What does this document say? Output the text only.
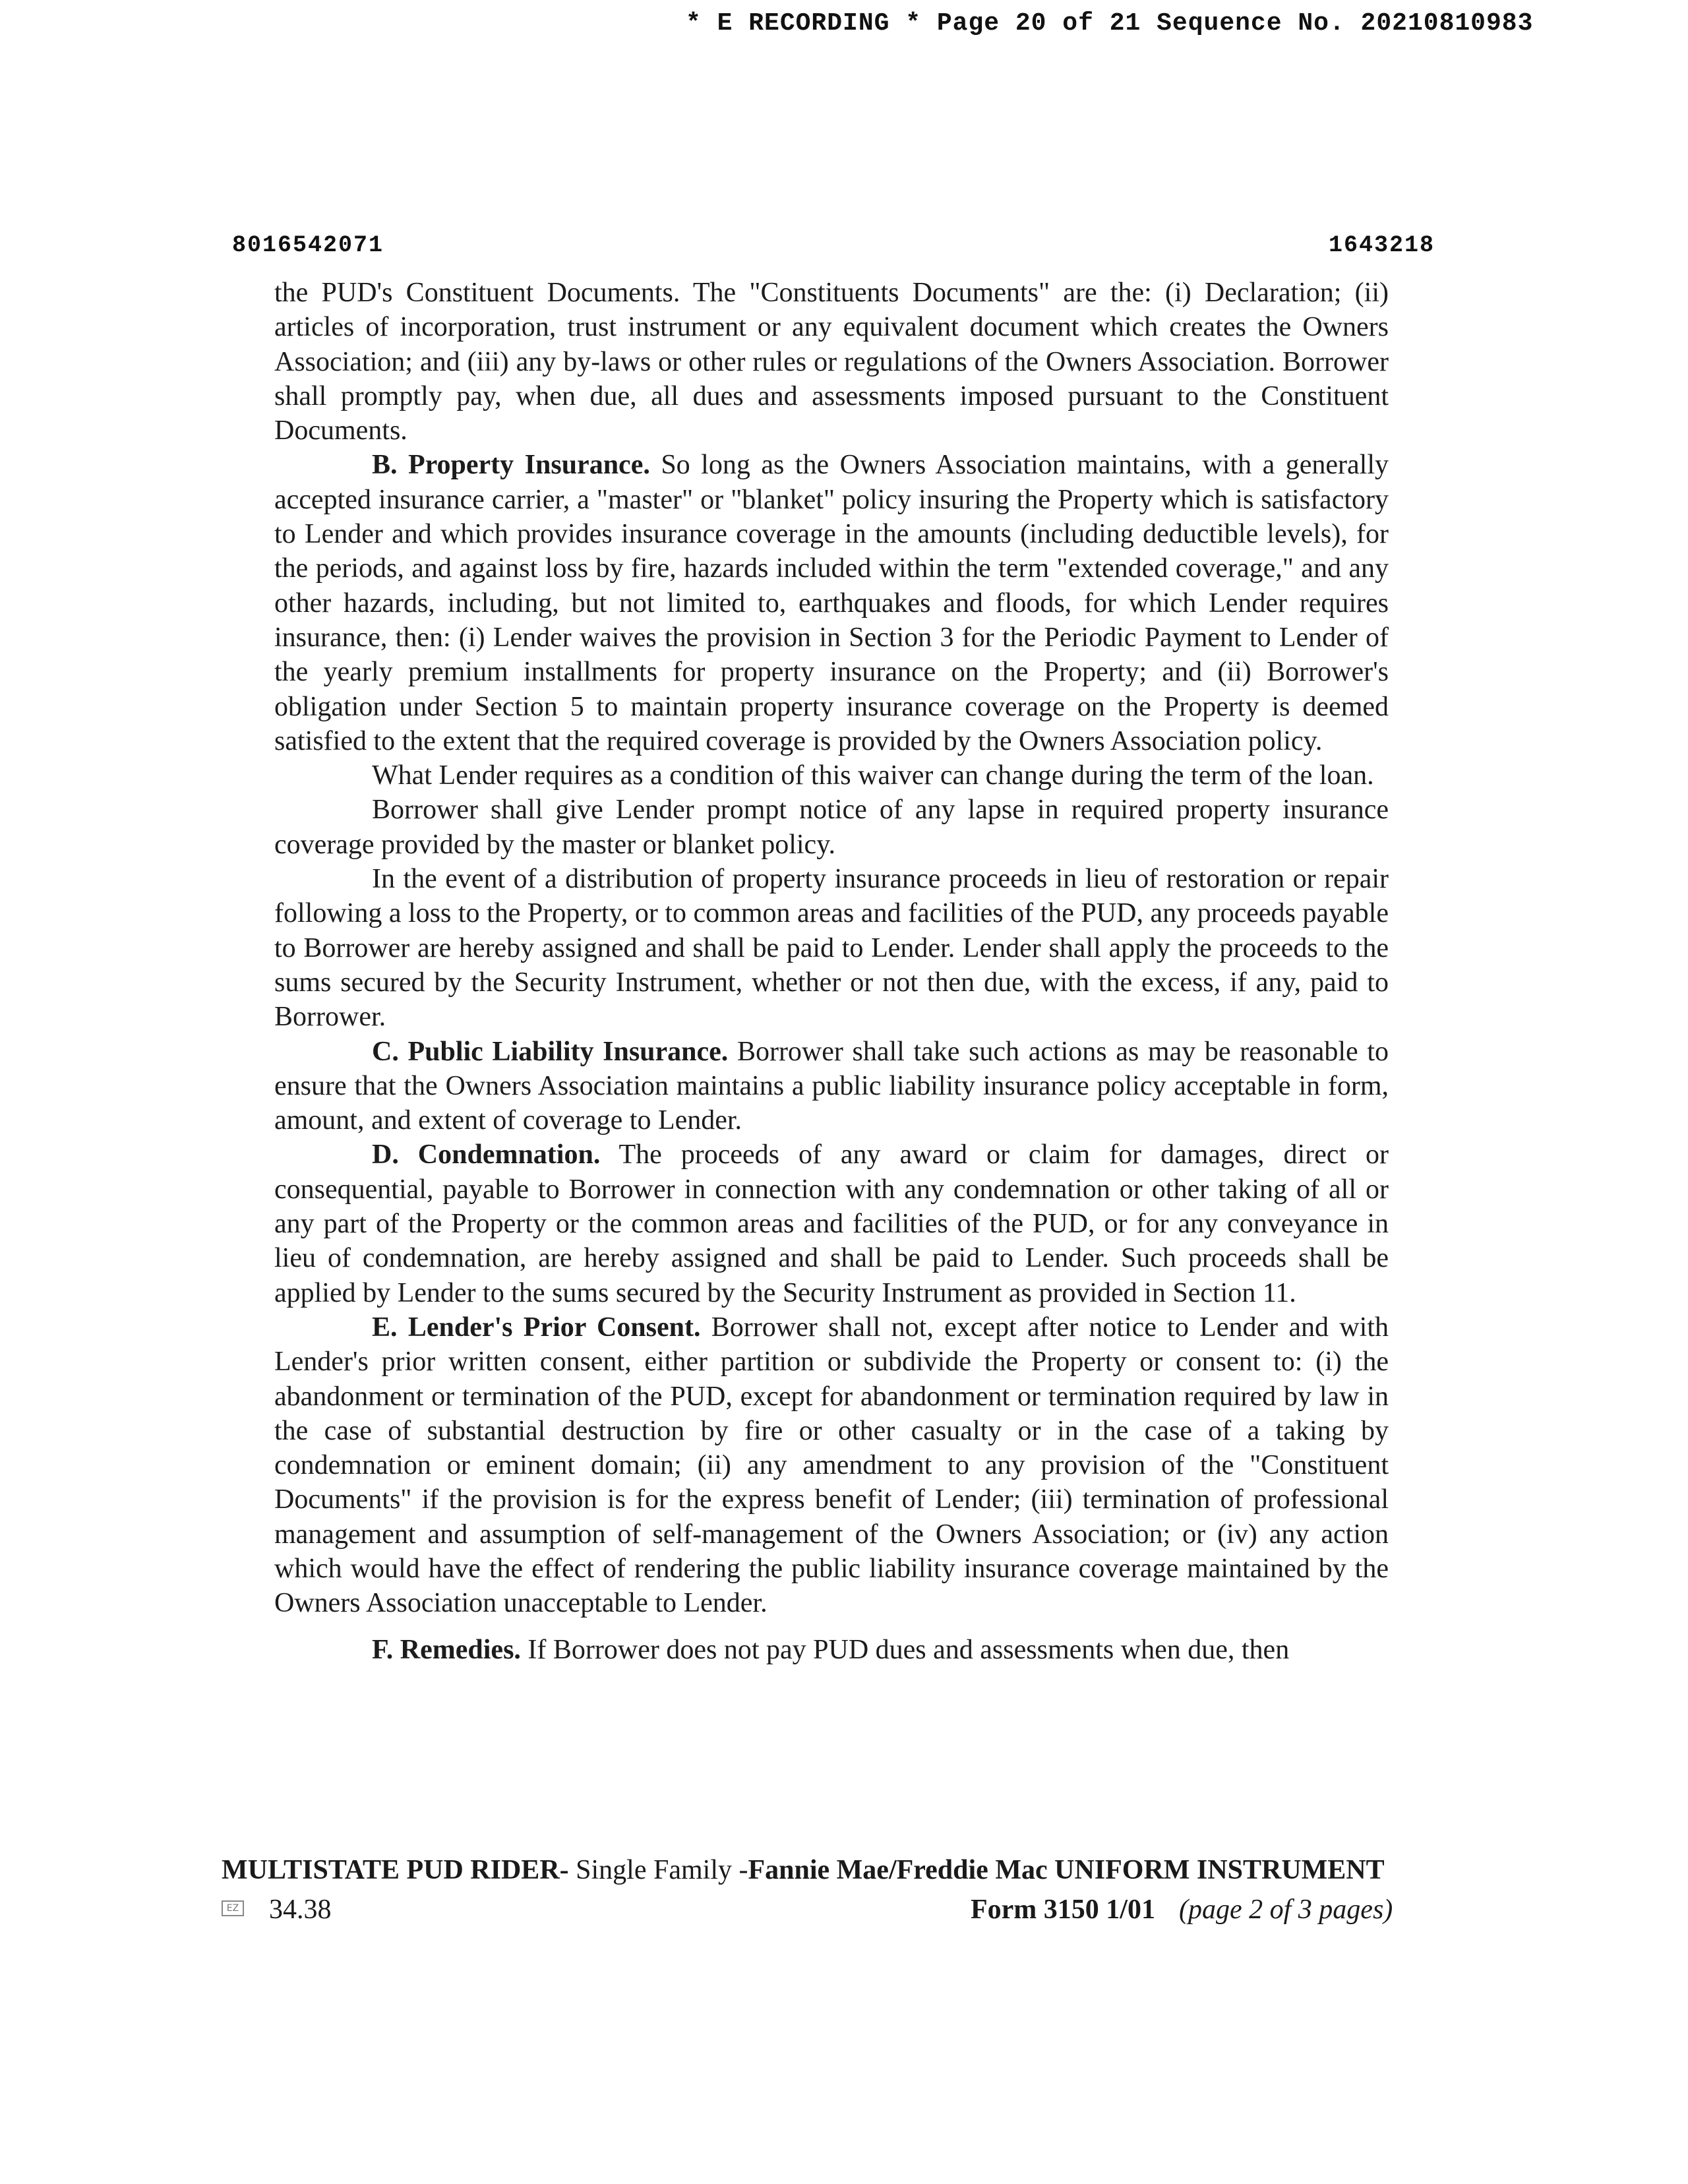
* E RECORDING * Page 20 of 21 Sequence No. 20210810983
8016542071	1643218

the PUD's Constituent Documents. The "Constituents Documents" are the: (i) Declaration; (ii) articles of incorporation, trust instrument or any equivalent document which creates the Owners Association; and (iii) any by-laws or other rules or regulations of the Owners Association. Borrower shall promptly pay, when due, all dues and assessments imposed pursuant to the Constituent Documents.

B. Property Insurance. So long as the Owners Association maintains, with a generally accepted insurance carrier, a "master" or "blanket" policy insuring the Property which is satisfactory to Lender and which provides insurance coverage in the amounts (including deductible levels), for the periods, and against loss by fire, hazards included within the term "extended coverage," and any other hazards, including, but not limited to, earthquakes and floods, for which Lender requires insurance, then: (i) Lender waives the provision in Section 3 for the Periodic Payment to Lender of the yearly premium installments for property insurance on the Property; and (ii) Borrower's obligation under Section 5 to maintain property insurance coverage on the Property is deemed satisfied to the extent that the required coverage is provided by the Owners Association policy.

What Lender requires as a condition of this waiver can change during the term of the loan.

Borrower shall give Lender prompt notice of any lapse in required property insurance coverage provided by the master or blanket policy.

In the event of a distribution of property insurance proceeds in lieu of restoration or repair following a loss to the Property, or to common areas and facilities of the PUD, any proceeds payable to Borrower are hereby assigned and shall be paid to Lender. Lender shall apply the proceeds to the sums secured by the Security Instrument, whether or not then due, with the excess, if any, paid to Borrower.

C. Public Liability Insurance. Borrower shall take such actions as may be reasonable to ensure that the Owners Association maintains a public liability insurance policy acceptable in form, amount, and extent of coverage to Lender.

D. Condemnation. The proceeds of any award or claim for damages, direct or consequential, payable to Borrower in connection with any condemnation or other taking of all or any part of the Property or the common areas and facilities of the PUD, or for any conveyance in lieu of condemnation, are hereby assigned and shall be paid to Lender. Such proceeds shall be applied by Lender to the sums secured by the Security Instrument as provided in Section 11.

E. Lender's Prior Consent. Borrower shall not, except after notice to Lender and with Lender's prior written consent, either partition or subdivide the Property or consent to: (i) the abandonment or termination of the PUD, except for abandonment or termination required by law in the case of substantial destruction by fire or other casualty or in the case of a taking by condemnation or eminent domain; (ii) any amendment to any provision of the "Constituent Documents" if the provision is for the express benefit of Lender; (iii) termination of professional management and assumption of self-management of the Owners Association; or (iv) any action which would have the effect of rendering the public liability insurance coverage maintained by the Owners Association unacceptable to Lender.

F. Remedies. If Borrower does not pay PUD dues and assessments when due, then

MULTISTATE PUD RIDER- Single Family -Fannie Mae/Freddie Mac UNIFORM INSTRUMENT
EZ 34.38	Form 3150 1/01 (page 2 of 3 pages)
